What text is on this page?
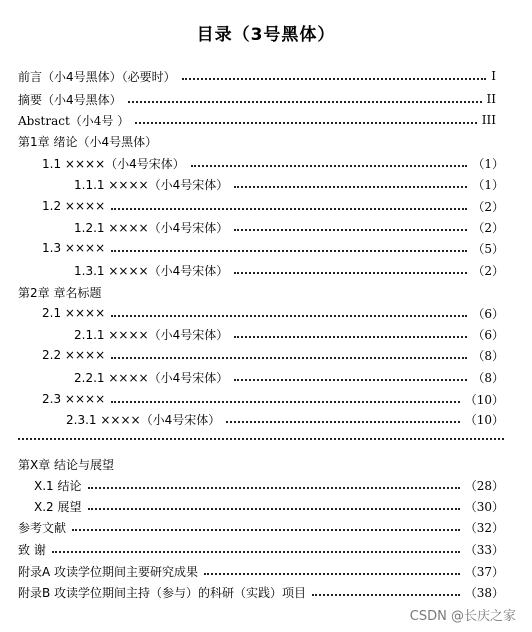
目录（3号黑体）
前言（小4号黑体）（必要时）	I
摘要（小4号黑体）	II
Abstract（小4号 ）	III
第1章 绪论（小4号黑体）
1.1 ××××（小4号宋体）	（1）
1.1.1 ××××（小4号宋体）	（1）
1.2 ××××	（2）
1.2.1 ××××（小4号宋体）	（2）
1.3 ××××	（5）
1.3.1 ××××（小4号宋体）	（2）
第2章 章名标题
2.1 ××××	（6）
2.1.1 ××××（小4号宋体）	（6）
2.2 ××××	（8）
2.2.1 ××××（小4号宋体）	（8）
2.3 ××××	（10）
2.3.1 ××××（小4号宋体）	（10）
第X章 结论与展望
X.1 结论	（28）
X.2 展望	（30）
参考文献	（32）
致 谢	（33）
附录A 攻读学位期间主要研究成果	（37）
附录B 攻读学位期间主持（参与）的科研（实践）项目	（38）
CSDN @长庆之家
